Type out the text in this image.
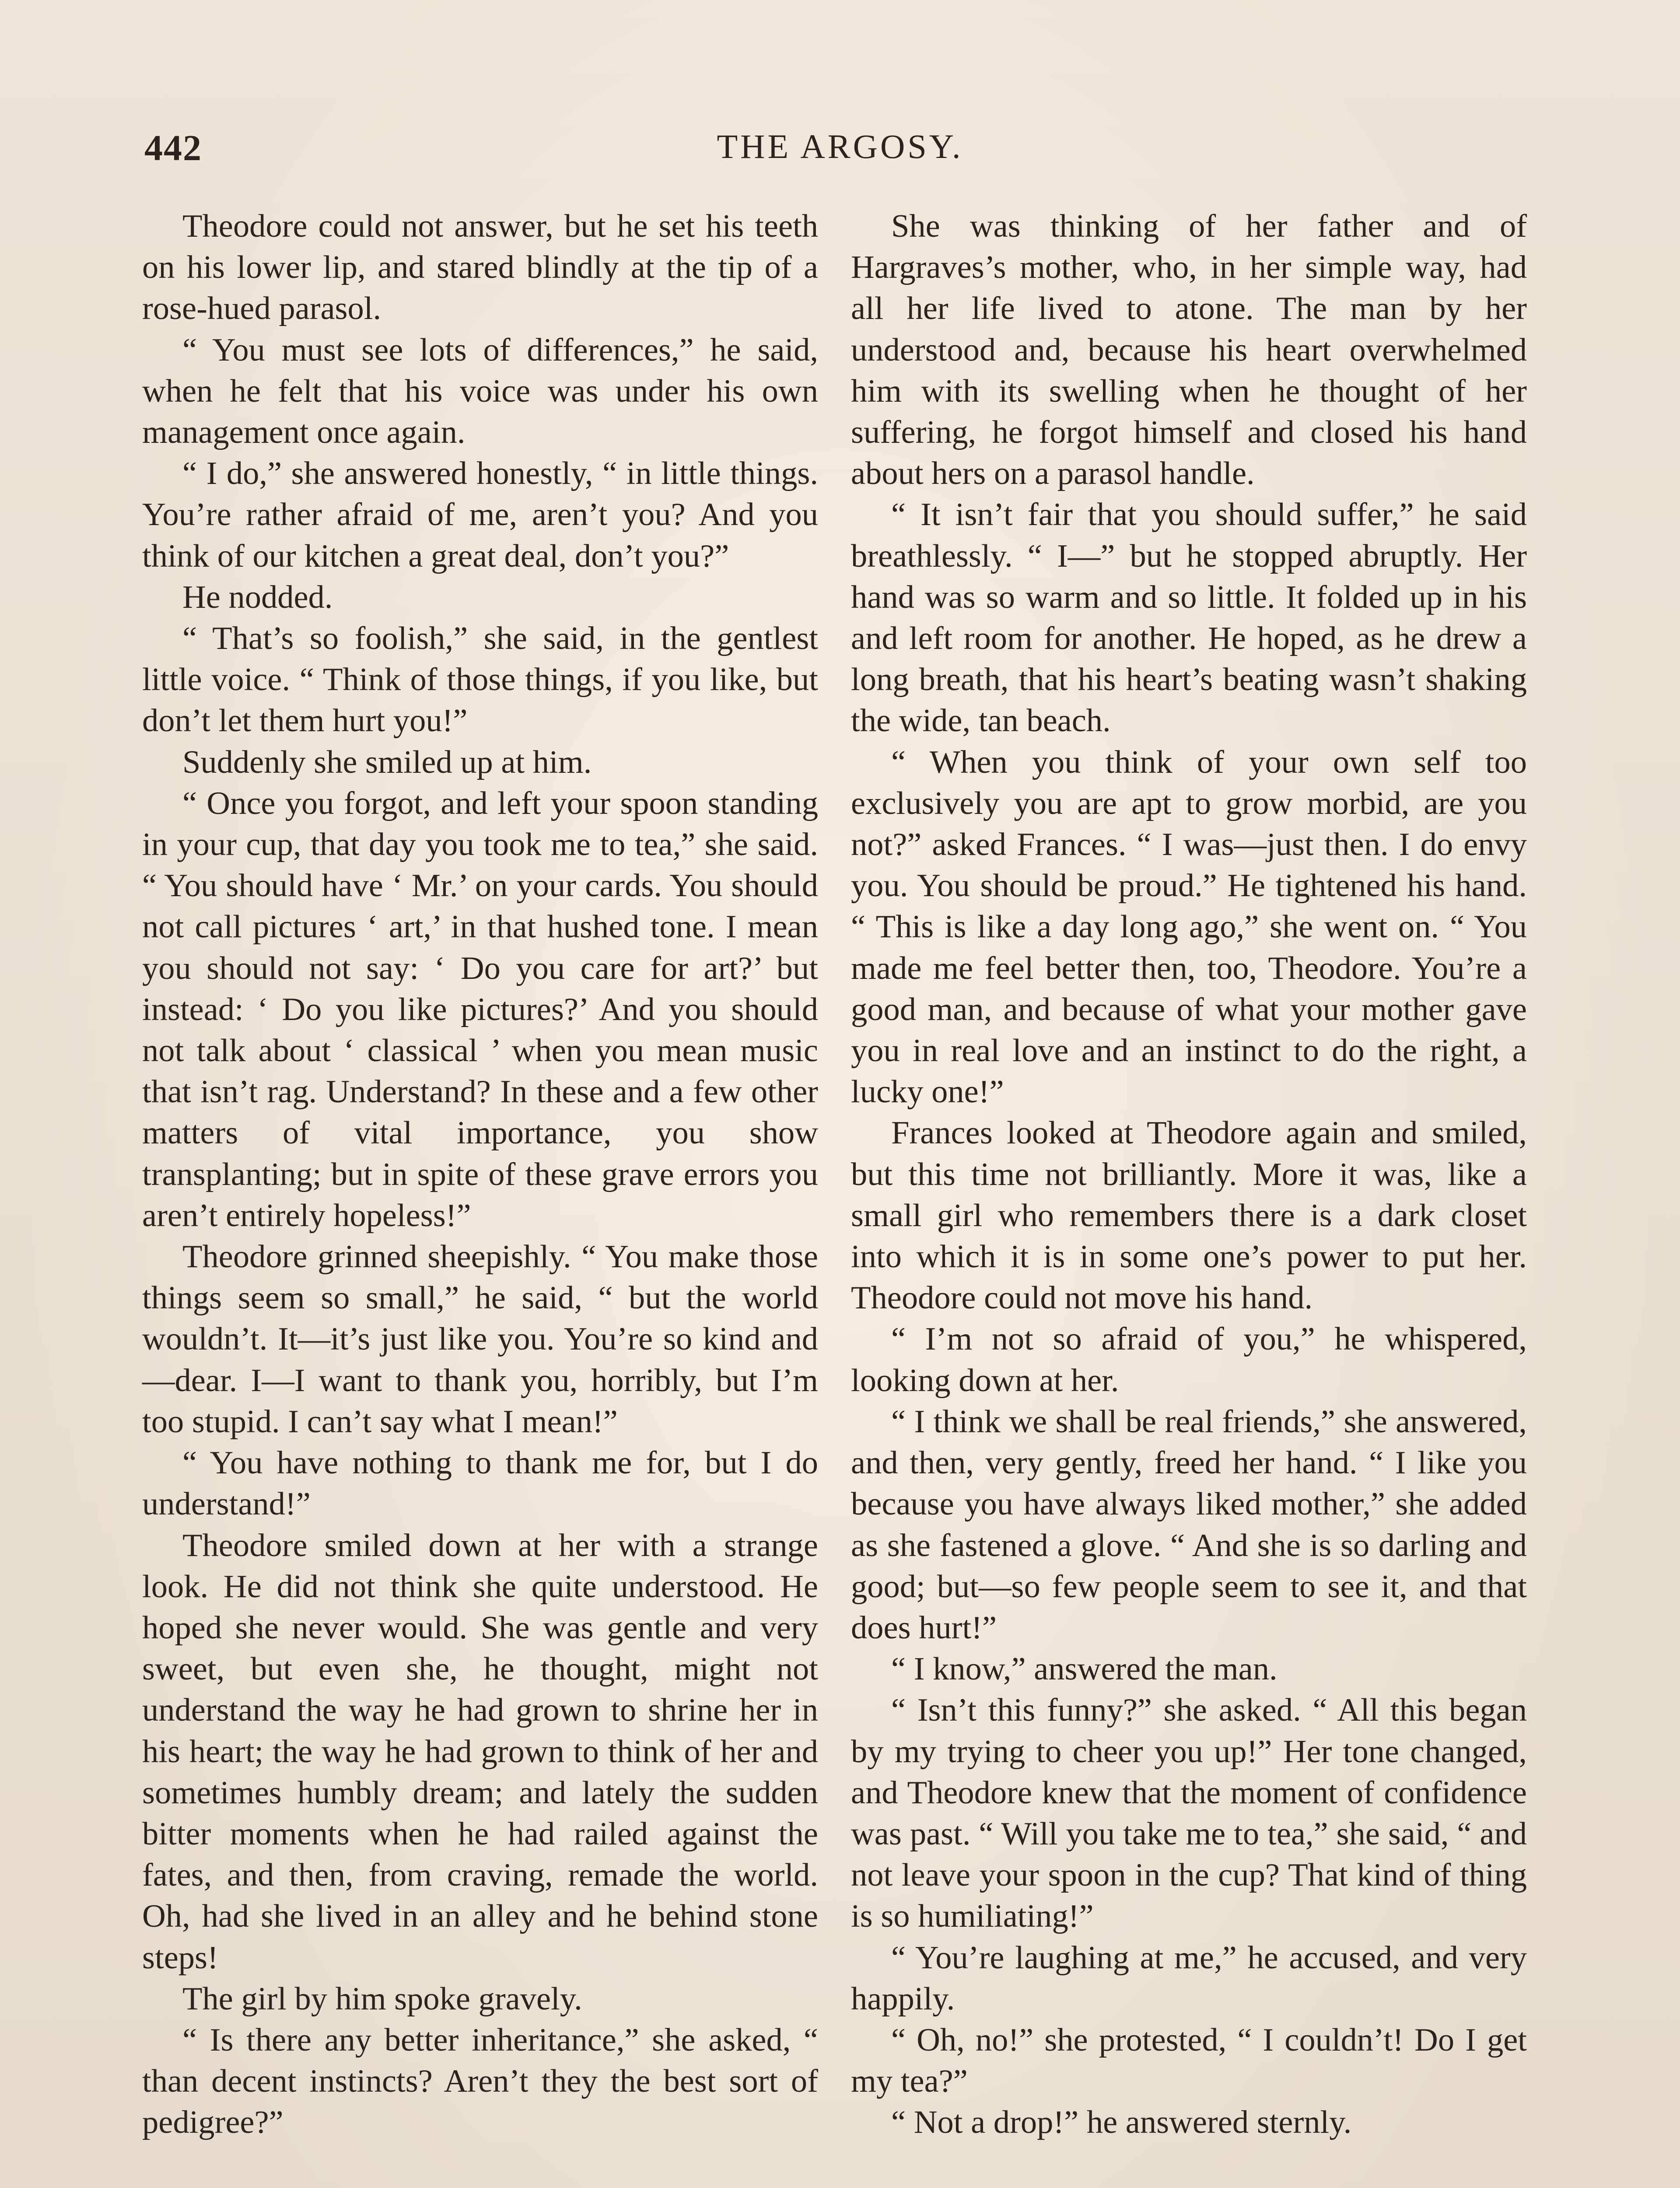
442	THE ARGOSY.

Theodore could not answer, but he set his teeth on his lower lip, and stared blindly at the tip of a rose-hued parasol.

“ You must see lots of differences,” he said, when he felt that his voice was under his own management once again.

“ I do,” she answered honestly, “ in little things. You’re rather afraid of me, aren’t you? And you think of our kitchen a great deal, don’t you?”

He nodded.

“ That’s so foolish,” she said, in the gentlest little voice. “ Think of those things, if you like, but don’t let them hurt you!”

Suddenly she smiled up at him.

“ Once you forgot, and left your spoon standing in your cup, that day you took me to tea,” she said. “ You should have ‘ Mr.’ on your cards. You should not call pictures ‘ art,’ in that hushed tone. I mean you should not say: ‘ Do you care for art?’ but instead: ‘ Do you like pictures?’ And you should not talk about ‘ classical ’ when you mean music that isn’t rag. Understand? In these and a few other matters of vital importance, you show transplanting; but in spite of these grave errors you aren’t entirely hopeless!”

Theodore grinned sheepishly. “ You make those things seem so small,” he said, “ but the world wouldn’t. It—it’s just like you. You’re so kind and—dear. I—I want to thank you, horribly, but I’m too stupid. I can’t say what I mean!”

“ You have nothing to thank me for, but I do understand!”

Theodore smiled down at her with a strange look. He did not think she quite understood. He hoped she never would. She was gentle and very sweet, but even she, he thought, might not understand the way he had grown to shrine her in his heart; the way he had grown to think of her and sometimes humbly dream; and lately the sudden bitter moments when he had railed against the fates, and then, from craving, remade the world. Oh, had she lived in an alley and he behind stone steps!

The girl by him spoke gravely.

“ Is there any better inheritance,” she asked, “ than decent instincts? Aren’t they the best sort of pedigree?”

She was thinking of her father and of Hargraves’s mother, who, in her simple way, had all her life lived to atone. The man by her understood and, because his heart overwhelmed him with its swelling when he thought of her suffering, he forgot himself and closed his hand about hers on a parasol handle.

“ It isn’t fair that you should suffer,” he said breathlessly. “ I—” but he stopped abruptly. Her hand was so warm and so little. It folded up in his and left room for another. He hoped, as he drew a long breath, that his heart’s beating wasn’t shaking the wide, tan beach.

“ When you think of your own self too exclusively you are apt to grow morbid, are you not?” asked Frances. “ I was—just then. I do envy you. You should be proud.” He tightened his hand. “ This is like a day long ago,” she went on. “ You made me feel better then, too, Theodore. You’re a good man, and because of what your mother gave you in real love and an instinct to do the right, a lucky one!”

Frances looked at Theodore again and smiled, but this time not brilliantly. More it was, like a small girl who remembers there is a dark closet into which it is in some one’s power to put her. Theodore could not move his hand.

“ I’m not so afraid of you,” he whispered, looking down at her.

“ I think we shall be real friends,” she answered, and then, very gently, freed her hand. “ I like you because you have always liked mother,” she added as she fastened a glove. “ And she is so darling and good; but—so few people seem to see it, and that does hurt!”

“ I know,” answered the man.

“ Isn’t this funny?” she asked. “ All this began by my trying to cheer you up!” Her tone changed, and Theodore knew that the moment of confidence was past. “ Will you take me to tea,” she said, “ and not leave your spoon in the cup? That kind of thing is so humiliating!”

“ You’re laughing at me,” he accused, and very happily.

“ Oh, no!” she protested, “ I couldn’t! Do I get my tea?”

“ Not a drop!” he answered sternly.
